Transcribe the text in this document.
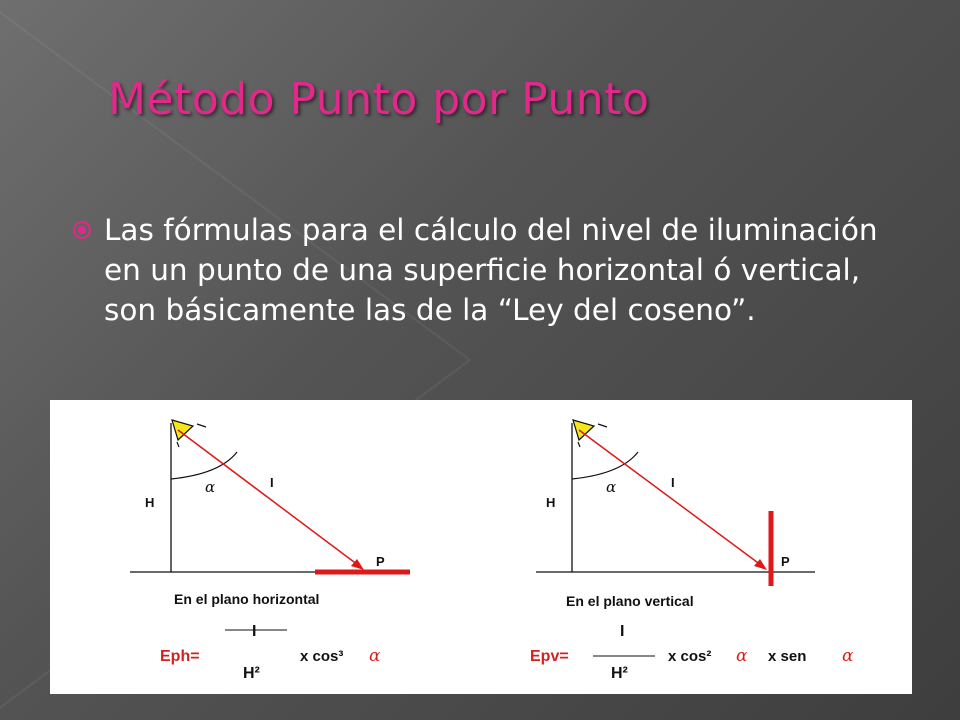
Método Punto por Punto
Las fórmulas para el cálculo del nivel de iluminación en un punto de una superficie horizontal ó vertical, son básicamente las de la “Ley del coseno”.
H
α	I
P
En el plano horizontal
Eph=
I
H²
x cos³ α
H
α	I
P
En el plano vertical
Epv=
I
H²
x cos² α x sen α
